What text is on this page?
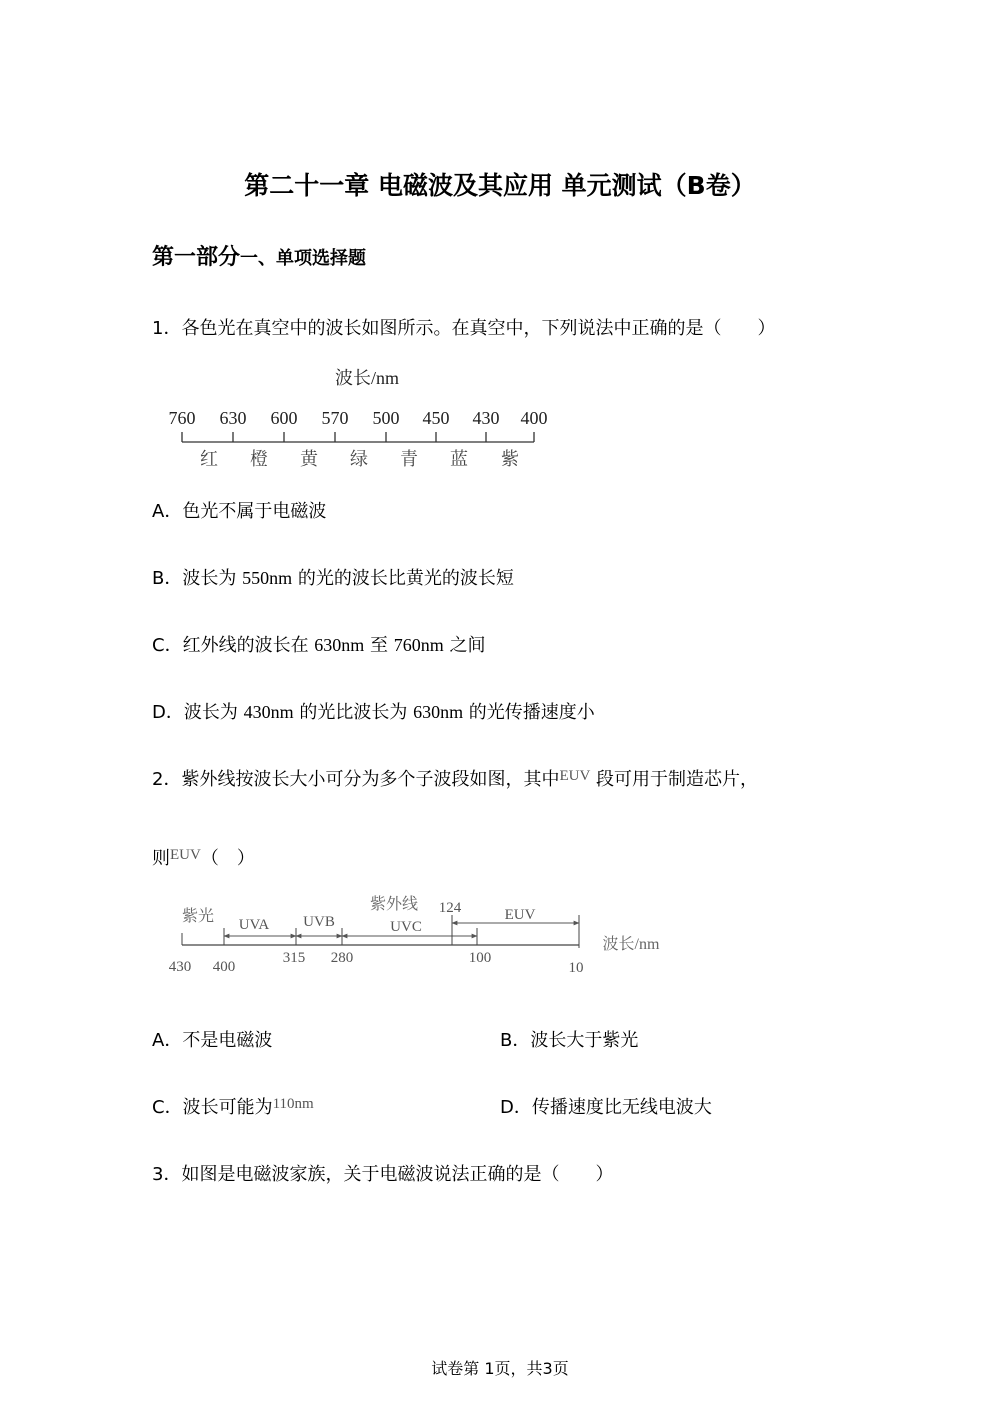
第二十一章 电磁波及其应用 单元测试（B卷）
第一部分一、单项选择题
1．各色光在真空中的波长如图所示。在真空中，下列说法中正确的是（　　）
波长/nm
760 630 600 570 500 450 430 400
红 橙 黄 绿 青 蓝 紫
A．色光不属于电磁波
B．波长为 550nm 的光的波长比黄光的波长短
C．红外线的波长在 630nm 至 760nm 之间
D．波长为 430nm 的光比波长为 630nm 的光传播速度小
2．紫外线按波长大小可分为多个子波段如图，其中$^{EUV}$ 段可用于制造芯片，
则$^{EUV}$（　）
紫光
紫外线 124
UVA UVB	UVC
EUV
430 400
315 280	100
10
波长/nm
A．不是电磁波	B．波长大于紫光
C．波长可能为$^{110nm}$	D．传播速度比无线电波大
3．如图是电磁波家族，关于电磁波说法正确的是（　　）
试卷第 1页，共3页
